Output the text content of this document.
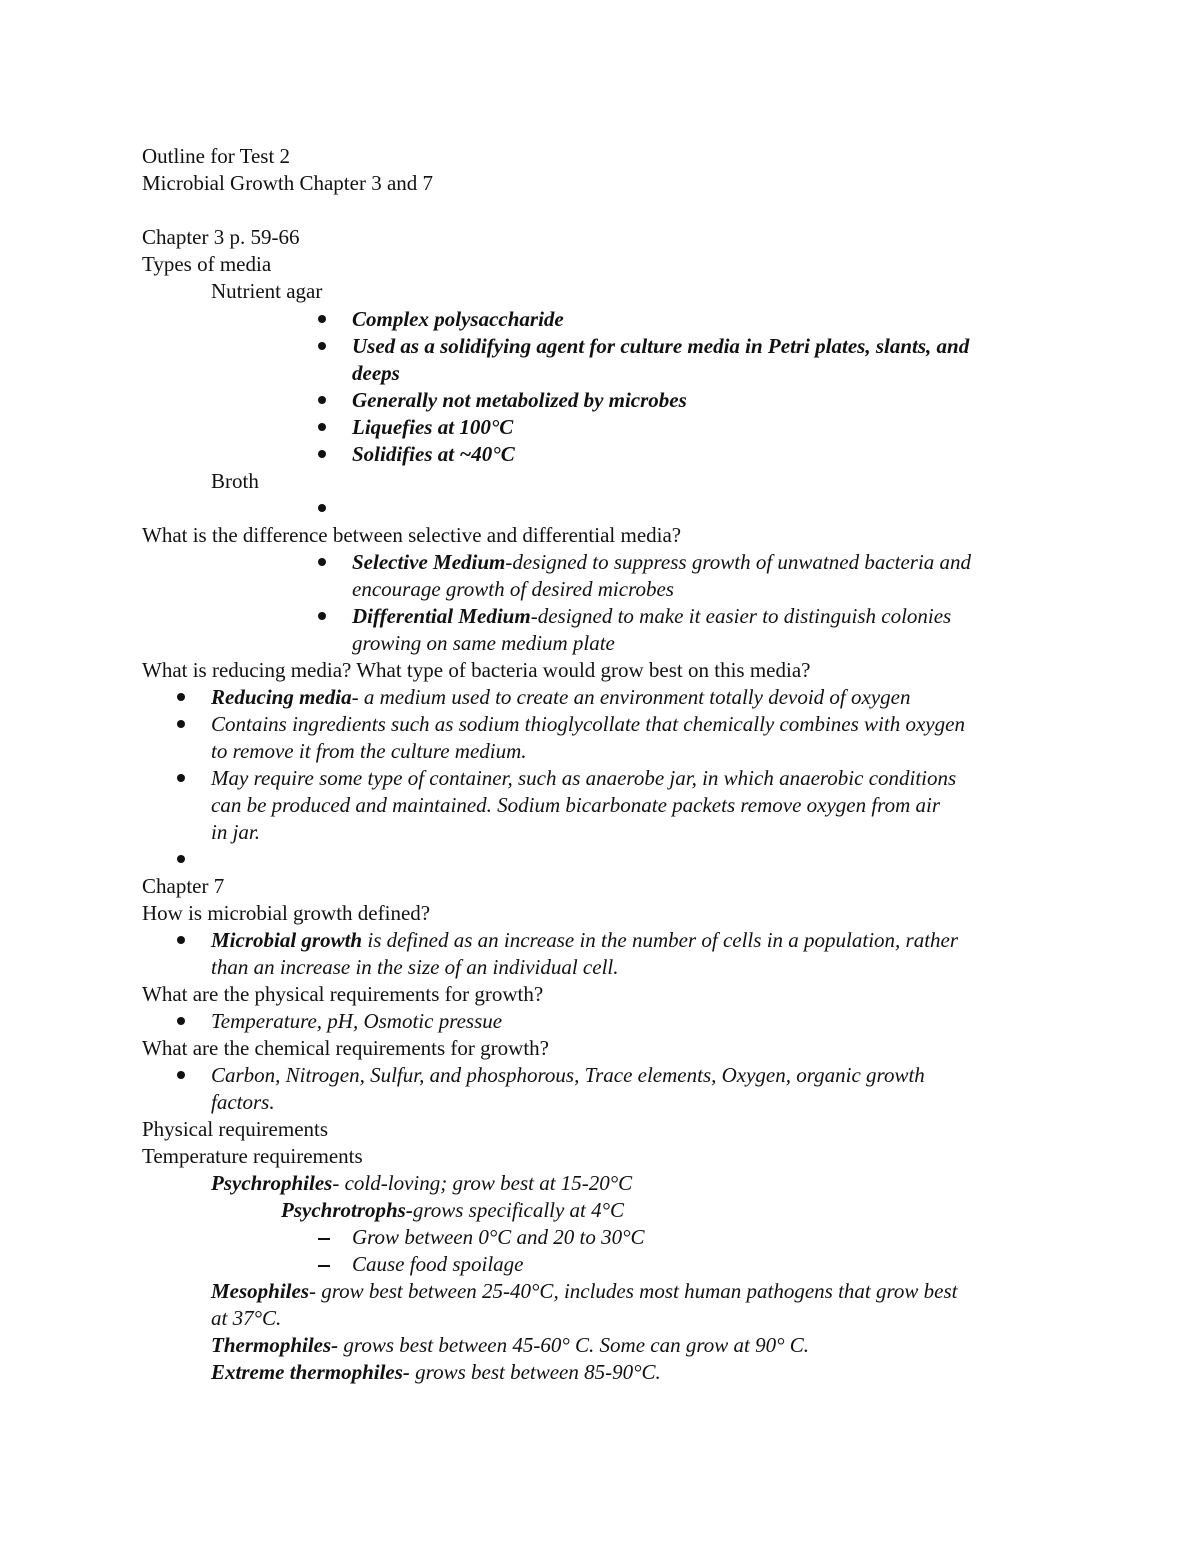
Outline for Test 2
Microbial Growth Chapter 3 and 7
Chapter 3 p. 59-66
Types of media
Nutrient agar
Complex polysaccharide
Used as a solidifying agent for culture media in Petri plates, slants, and
deeps
Generally not metabolized by microbes
Liquefies at 100°C
Solidifies at ~40°C
Broth
What is the difference between selective and differential media?
Selective Medium-designed to suppress growth of unwatned bacteria and
encourage growth of desired microbes
Differential Medium-designed to make it easier to distinguish colonies
growing on same medium plate
What is reducing media? What type of bacteria would grow best on this media?
Reducing media- a medium used to create an environment totally devoid of oxygen
Contains ingredients such as sodium thioglycollate that chemically combines with oxygen
to remove it from the culture medium.
May require some type of container, such as anaerobe jar, in which anaerobic conditions
can be produced and maintained. Sodium bicarbonate packets remove oxygen from air
in jar.
Chapter 7
How is microbial growth defined?
Microbial growth is defined as an increase in the number of cells in a population, rather
than an increase in the size of an individual cell.
What are the physical requirements for growth?
Temperature, pH, Osmotic pressue
What are the chemical requirements for growth?
Carbon, Nitrogen, Sulfur, and phosphorous, Trace elements, Oxygen, organic growth
factors.
Physical requirements
Temperature requirements
Psychrophiles- cold-loving; grow best at 15-20°C
Psychrotrophs-grows specifically at 4°C
Grow between 0°C and 20 to 30°C
Cause food spoilage
Mesophiles- grow best between 25-40°C, includes most human pathogens that grow best
at 37°C.
Thermophiles- grows best between 45-60° C. Some can grow at 90° C.
Extreme thermophiles- grows best between 85-90°C.
